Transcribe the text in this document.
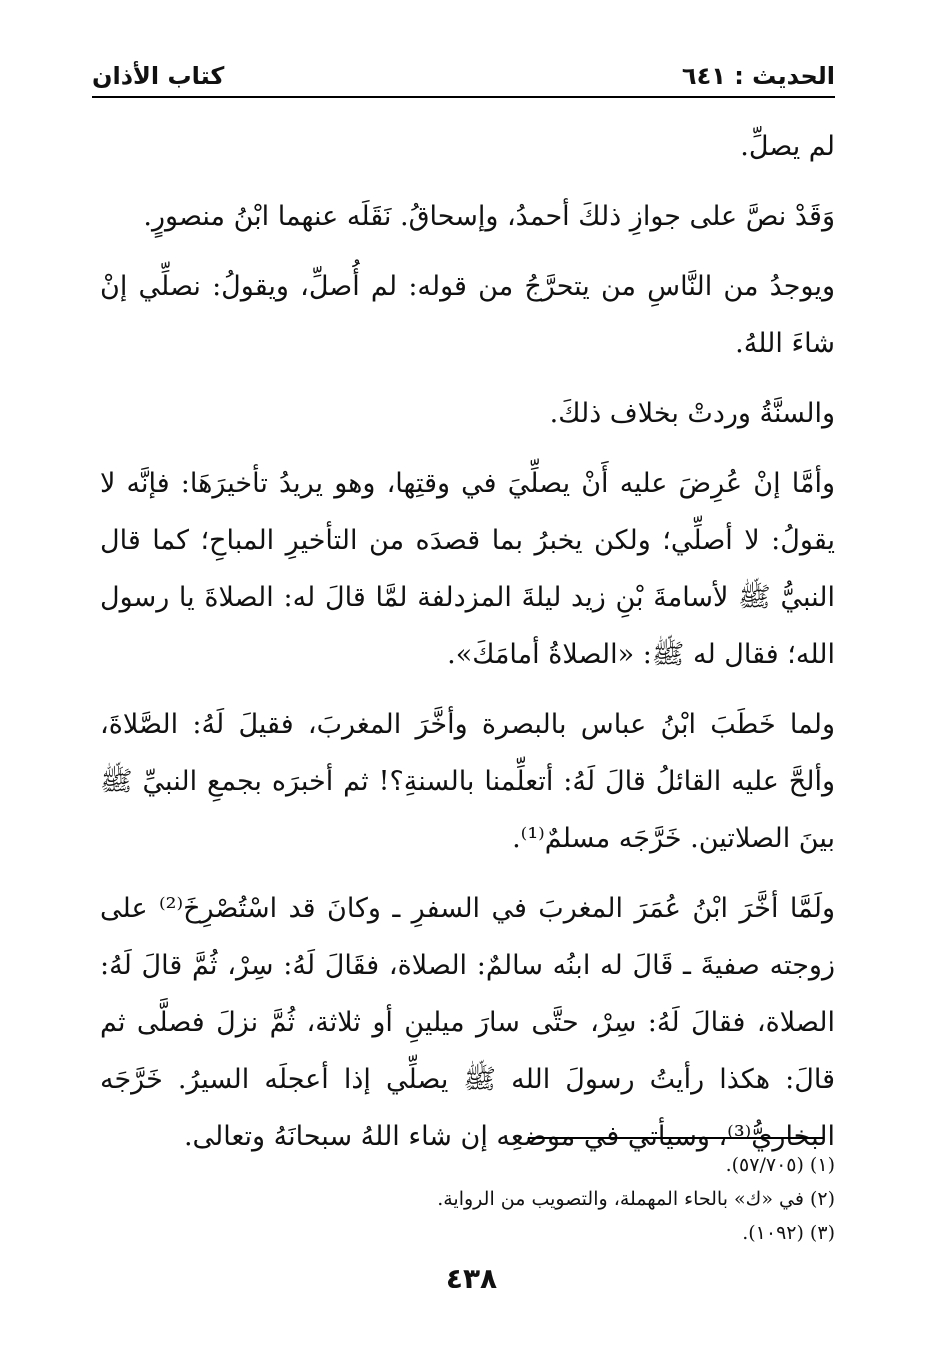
الحديث : ٦٤١
كتاب الأذان

لم يصلِّ.

وَقَدْ نصَّ على جوازِ ذلكَ أحمدُ، وإسحاقُ. نَقَلَه عنهما ابْنُ منصورٍ.

ويوجدُ من النَّاسِ من يتحرَّجُ من قوله: لم أُصلِّ، ويقولُ: نصلِّي إنْ شاءَ اللهُ.

والسنَّةُ وردتْ بخلاف ذلكَ.

وأمَّا إنْ عُرِضَ عليه أَنْ يصلِّيَ في وقتِها، وهو يريدُ تأخيرَهَا: فإنَّه لا يقولُ: لا أصلِّي؛ ولكن يخبرُ بما قصدَه من التأخيرِ المباحِ؛ كما قال النبيُّ ﷺ لأسامةَ بْنِ زيد ليلةَ المزدلفة لمَّا قالَ له: الصلاةَ يا رسول الله؛ فقال له ﷺ: «الصلاةُ أمامَكَ».

ولما خَطَبَ ابْنُ عباس بالبصرة وأخَّرَ المغربَ، فقيلَ لَهُ: الصَّلاةَ، وألحَّ عليه القائلُ قالَ لَهُ: أتعلِّمنا بالسنةِ؟! ثم أخبرَه بجمعِ النبيِّ ﷺ بينَ الصلاتين. خَرَّجَه مسلمٌ⁽¹⁾.

ولَمَّا أخَّرَ ابْنُ عُمَرَ المغربَ في السفرِ ـ وكانَ قد اسْتُصْرِخَ⁽²⁾ على زوجته صفيةَ ـ قَالَ له ابنُه سالمٌ: الصلاة، فقَالَ لَهُ: سِرْ، ثُمَّ قالَ لَهُ: الصلاة، فقالَ لَهُ: سِرْ، حتَّى سارَ ميلينِ أو ثلاثة، ثُمَّ نزلَ فصلَّى ثم قالَ: هكذا رأيتُ رسولَ الله ﷺ يصلِّي إذا أعجلَه السيرُ. خَرَّجَه البخاريُّ⁽³⁾، وسيأتي في موضعِه إن شاء اللهُ سبحانَهُ وتعالى.

(١) (٥٧/٧٠٥).
(٢) في «ك» بالحاء المهملة، والتصويب من الرواية.
(٣) (١٠٩٢).
٤٣٨
